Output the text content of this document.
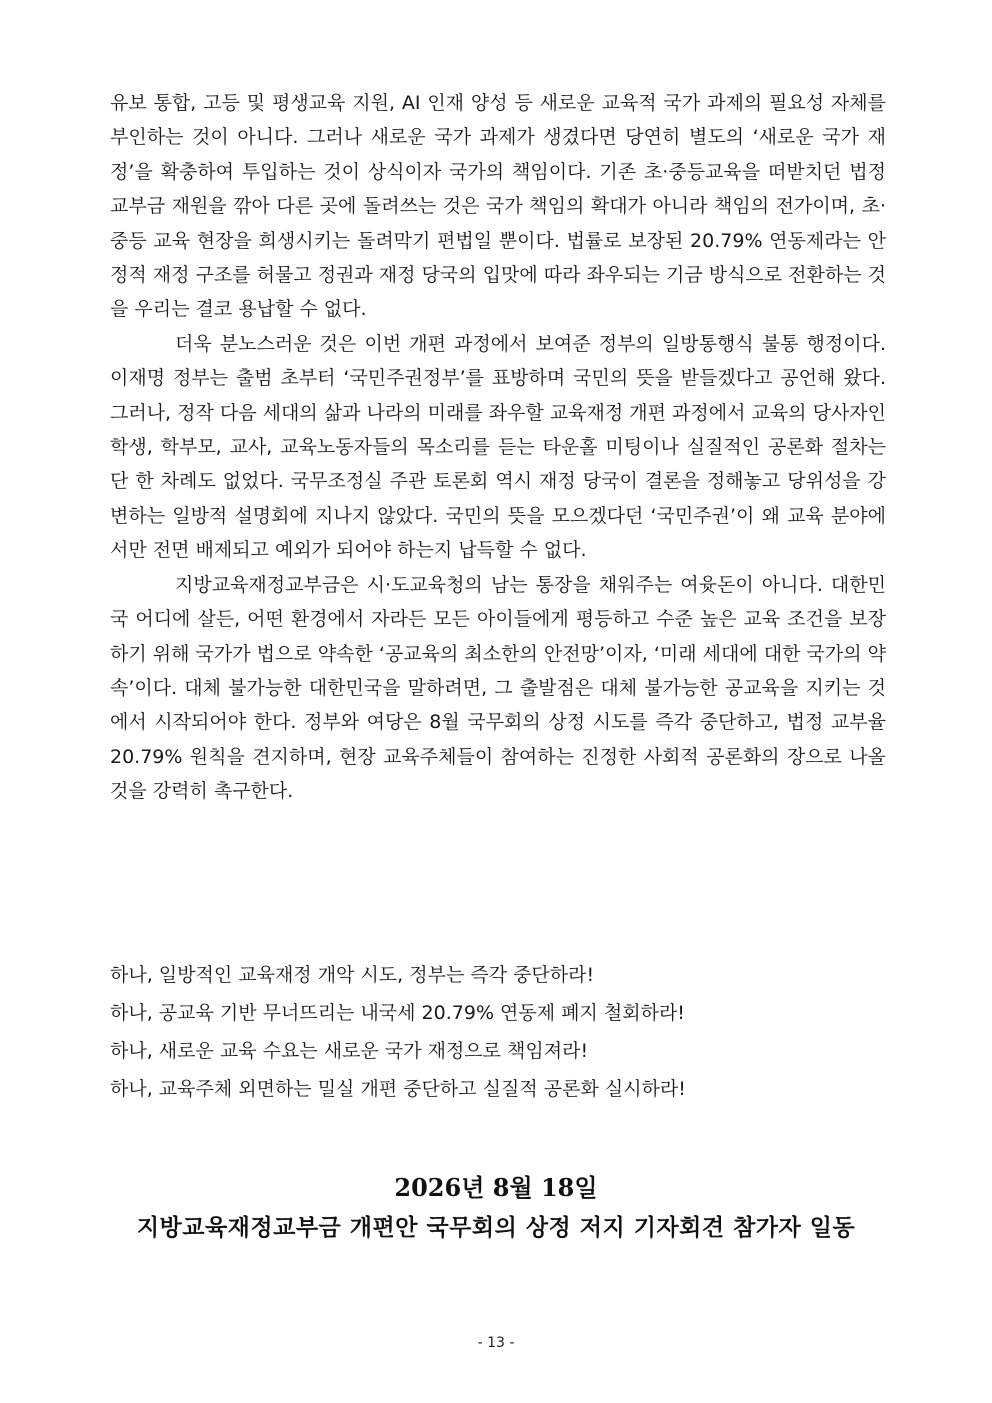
유보 통합, 고등 및 평생교육 지원, AI 인재 양성 등 새로운 교육적 국가 과제의 필요성 자체를 부인하는 것이 아니다. 그러나 새로운 국가 과제가 생겼다면 당연히 별도의 ‘새로운 국가 재정’을 확충하여 투입하는 것이 상식이자 국가의 책임이다. 기존 초·중등교육을 떠받치던 법정 교부금 재원을 깎아 다른 곳에 돌려쓰는 것은 국가 책임의 확대가 아니라 책임의 전가이며, 초·중등 교육 현장을 희생시키는 돌려막기 편법일 뿐이다. 법률로 보장된 20.79% 연동제라는 안정적 재정 구조를 허물고 정권과 재정 당국의 입맛에 따라 좌우되는 기금 방식으로 전환하는 것을 우리는 결코 용납할 수 없다.

더욱 분노스러운 것은 이번 개편 과정에서 보여준 정부의 일방통행식 불통 행정이다. 이재명 정부는 출범 초부터 ‘국민주권정부’를 표방하며 국민의 뜻을 받들겠다고 공언해 왔다. 그러나, 정작 다음 세대의 삶과 나라의 미래를 좌우할 교육재정 개편 과정에서 교육의 당사자인 학생, 학부모, 교사, 교육노동자들의 목소리를 듣는 타운홀 미팅이나 실질적인 공론화 절차는 단 한 차례도 없었다. 국무조정실 주관 토론회 역시 재정 당국이 결론을 정해놓고 당위성을 강변하는 일방적 설명회에 지나지 않았다. 국민의 뜻을 모으겠다던 ‘국민주권’이 왜 교육 분야에서만 전면 배제되고 예외가 되어야 하는지 납득할 수 없다.

지방교육재정교부금은 시·도교육청의 남는 통장을 채워주는 여윳돈이 아니다. 대한민국 어디에 살든, 어떤 환경에서 자라든 모든 아이들에게 평등하고 수준 높은 교육 조건을 보장하기 위해 국가가 법으로 약속한 ‘공교육의 최소한의 안전망’이자, ‘미래 세대에 대한 국가의 약속’이다. 대체 불가능한 대한민국을 말하려면, 그 출발점은 대체 불가능한 공교육을 지키는 것에서 시작되어야 한다. 정부와 여당은 8월 국무회의 상정 시도를 즉각 중단하고, 법정 교부율 20.79% 원칙을 견지하며, 현장 교육주체들이 참여하는 진정한 사회적 공론화의 장으로 나올 것을 강력히 촉구한다.

하나, 일방적인 교육재정 개악 시도, 정부는 즉각 중단하라!
하나, 공교육 기반 무너뜨리는 내국세 20.79% 연동제 폐지 철회하라!
하나, 새로운 교육 수요는 새로운 국가 재정으로 책임져라!
하나, 교육주체 외면하는 밀실 개편 중단하고 실질적 공론화 실시하라!
2026년 8월 18일
지방교육재정교부금 개편안 국무회의 상정 저지 기자회견 참가자 일동
- 13 -
